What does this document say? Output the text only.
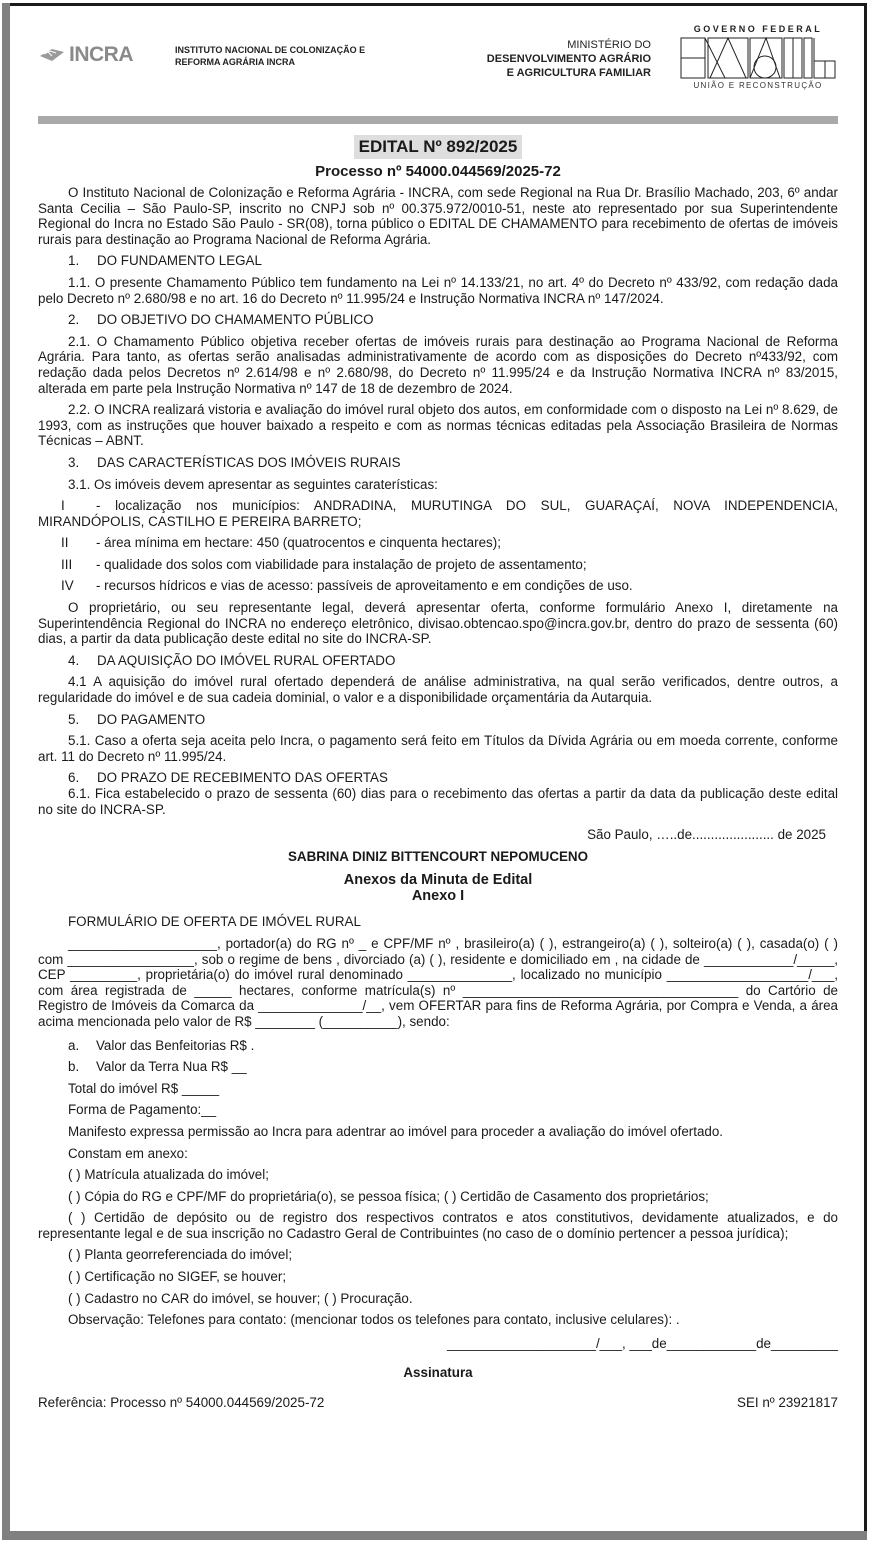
INCRA	INSTITUTO NACIONAL DE COLONIZAÇÃO E
REFORMA AGRÁRIA INCRA
MINISTÉRIO DO
DESENVOLVIMENTO AGRÁRIO
E AGRICULTURA FAMILIAR
GOVERNO FEDERAL
UNIÃO E RECONSTRUÇÃO
EDITAL Nº 892/2025
Processo nº 54000.044569/2025-72

O Instituto Nacional de Colonização e Reforma Agrária - INCRA, com sede Regional na Rua Dr. Brasílio Machado, 203, 6º andar Santa Cecilia – São Paulo-SP, inscrito no CNPJ sob nº 00.375.972/0010-51, neste ato representado por sua Superintendente Regional do Incra no Estado São Paulo - SR(08), torna público o EDITAL DE CHAMAMENTO para recebimento de ofertas de imóveis rurais para destinação ao Programa Nacional de Reforma Agrária.

1. DO FUNDAMENTO LEGAL

1.1. O presente Chamamento Público tem fundamento na Lei nº 14.133/21, no art. 4º do Decreto nº 433/92, com redação dada pelo Decreto nº 2.680/98 e no art. 16 do Decreto nº 11.995/24 e Instrução Normativa INCRA nº 147/2024.

2. DO OBJETIVO DO CHAMAMENTO PÚBLICO

2.1. O Chamamento Público objetiva receber ofertas de imóveis rurais para destinação ao Programa Nacional de Reforma Agrária. Para tanto, as ofertas serão analisadas administrativamente de acordo com as disposições do Decreto nº433/92, com redação dada pelos Decretos nº 2.614/98 e nº 2.680/98, do Decreto nº 11.995/24 e da Instrução Normativa INCRA nº 83/2015, alterada em parte pela Instrução Normativa nº 147 de 18 de dezembro de 2024.

2.2. O INCRA realizará vistoria e avaliação do imóvel rural objeto dos autos, em conformidade com o disposto na Lei nº 8.629, de 1993, com as instruções que houver baixado a respeito e com as normas técnicas editadas pela Associação Brasileira de Normas Técnicas – ABNT.

3. DAS CARACTERÍSTICAS DOS IMÓVEIS RURAIS

3.1. Os imóveis devem apresentar as seguintes caraterísticas:

I - localização nos municípios: ANDRADINA, MURUTINGA DO SUL, GUARAÇAÍ, NOVA INDEPENDENCIA, MIRANDÓPOLIS, CASTILHO E PEREIRA BARRETO;

II - área mínima em hectare: 450 (quatrocentos e cinquenta hectares);
III - qualidade dos solos com viabilidade para instalação de projeto de assentamento;
IV - recursos hídricos e vias de acesso: passíveis de aproveitamento e em condições de uso.

O proprietário, ou seu representante legal, deverá apresentar oferta, conforme formulário Anexo I, diretamente na Superintendência Regional do INCRA no endereço eletrônico, divisao.obtencao.spo@incra.gov.br, dentro do prazo de sessenta (60) dias, a partir da data publicação deste edital no site do INCRA-SP.

4. DA AQUISIÇÃO DO IMÓVEL RURAL OFERTADO

4.1 A aquisição do imóvel rural ofertado dependerá de análise administrativa, na qual serão verificados, dentre outros, a regularidade do imóvel e de sua cadeia dominial, o valor e a disponibilidade orçamentária da Autarquia.

5. DO PAGAMENTO

5.1. Caso a oferta seja aceita pelo Incra, o pagamento será feito em Títulos da Dívida Agrária ou em moeda corrente, conforme art. 11 do Decreto nº 11.995/24.

6. DO PRAZO DE RECEBIMENTO DAS OFERTAS

6.1. Fica estabelecido o prazo de sessenta (60) dias para o recebimento das ofertas a partir da data da publicação deste edital no site do INCRA-SP.

São Paulo, …..de...................... de 2025
SABRINA DINIZ BITTENCOURT NEPOMUCENO
Anexos da Minuta de Edital
Anexo I
FORMULÁRIO DE OFERTA DE IMÓVEL RURAL

____________________, portador(a) do RG nº _ e CPF/MF nº , brasileiro(a) ( ), estrangeiro(a) ( ), solteiro(a) ( ), casada(o) ( ) com _________________, sob o regime de bens , divorciado (a) ( ), residente e domiciliado em , na cidade de ____________/_____, CEP _________, proprietária(o) do imóvel rural denominado ______________, localizado no município ___________________/___, com área registrada de _____ hectares, conforme matrícula(s) nº _____________________________________ do Cartório de Registro de Imóveis da Comarca da ______________/__, vem OFERTAR para fins de Reforma Agrária, por Compra e Venda, a área acima mencionada pelo valor de R$ ________ (__________), sendo:

a. Valor das Benfeitorias R$ .
b. Valor da Terra Nua R$ __
Total do imóvel R$ _____
Forma de Pagamento:__
Manifesto expressa permissão ao Incra para adentrar ao imóvel para proceder a avaliação do imóvel ofertado.
Constam em anexo:
( ) Matrícula atualizada do imóvel;
( ) Cópia do RG e CPF/MF do proprietária(o), se pessoa física; ( ) Certidão de Casamento dos proprietários;

( ) Certidão de depósito ou de registro dos respectivos contratos e atos constitutivos, devidamente atualizados, e do representante legal e de sua inscrição no Cadastro Geral de Contribuintes (no caso de o domínio pertencer a pessoa jurídica);

( ) Planta georreferenciada do imóvel;
( ) Certificação no SIGEF, se houver;
( ) Cadastro no CAR do imóvel, se houver; ( ) Procuração.
Observação: Telefones para contato: (mencionar todos os telefones para contato, inclusive celulares): .
____________________/___, ___de____________de_________
Assinatura
Referência: Processo nº 54000.044569/2025-72	SEI nº 23921817
